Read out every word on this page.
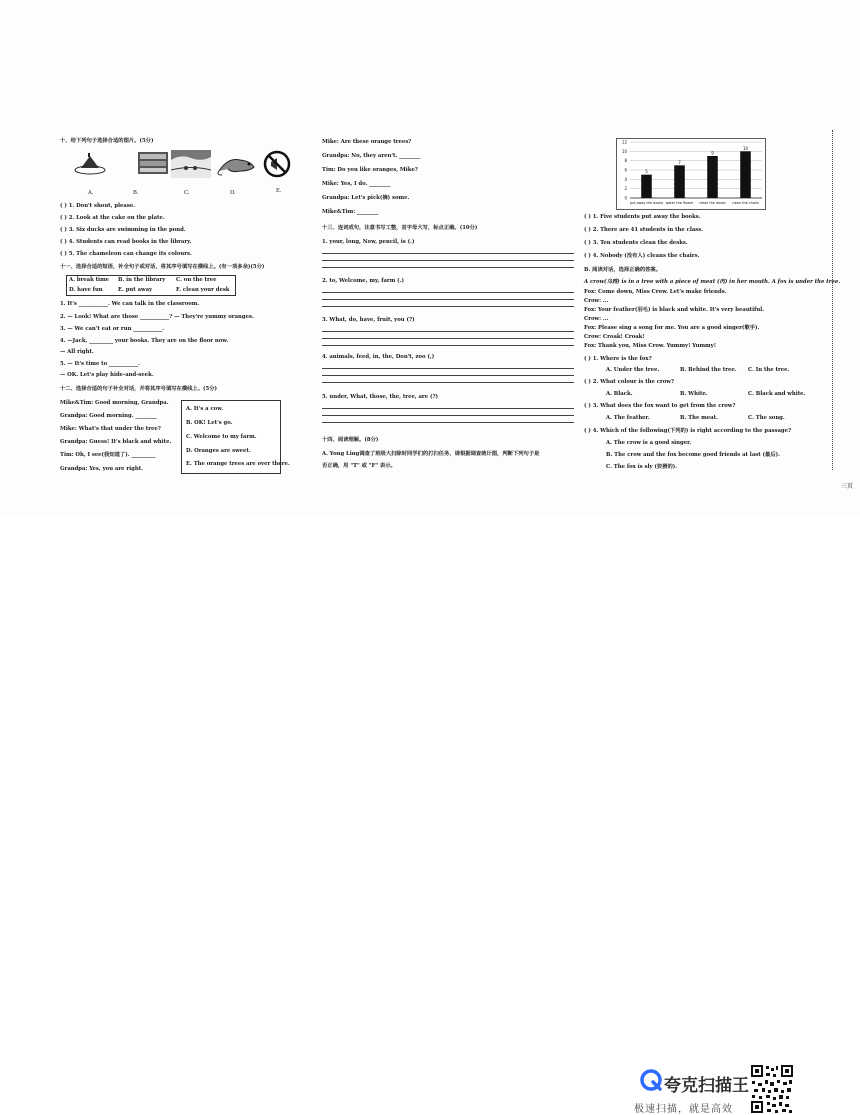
十、给下列句子选择合适的图片。(5分)
A.	B.	C.	D.	E.
( ) 1. Don't shout, please.
( ) 2. Look at the cake on the plate.
( ) 3. Six ducks are swimming in the pond.
( ) 4. Students can read books in the library.
( ) 5. The chameleon can change its colours.
十一、选择合适的短语，补全句子或对话，将其序号填写在横线上。(有一项多余)(5分)
A. break time B. in the library C. on the tree
D. have fun	E. put away	F. clean your desk
1. It's ___________. We can talk in the classroom.
2. — Look! What are those ___________? — They're yummy oranges.
3. — We can't eat or run ___________.
4. —Jack, _________ your books. They are on the floor now.
— All right.
5. — It's time to ___________.
— OK. Let's play hide-and-seek.
十二、选择合适的句子补全对话，并将其序号填写在横线上。(5分)
Mike&Tim: Good morning, Grandpa.
Grandpa: Good morning. ________
Mike: What's that under the tree?
Grandpa: Guess! It's black and white.
Tim: Oh, I see(我知道了). _________
Grandpa: Yes, you are right.
A. It's a cow.
B. OK! Let's go.
C. Welcome to my farm.
D. Oranges are sweet.
E. The orange trees are over there.
Mike: Are these orange trees?
Grandpa: No, they aren't. ________
Tim: Do you like oranges, Mike?
Mike: Yes, I do. ________
Grandpa: Let's pick(摘) some.
Mike&Tim: ________
十三、连词成句，注意书写工整，首字母大写，标点正确。(10分)
1. your, long, Now, pencil, is (.)
2. to, Welcome, my, farm (.)
3. What, do, have, fruit, you (?)
4. animals, feed, in, the, Don't, zoo (,)
5. under, What, those, the, tree, are (?)
十四、阅读理解。(8分)
A. Yong Ling调查了班级大扫除时同学们的打扫任务，请根据调查统计图，判断下列句子是
否正确，用 "T" 或 "F" 表示。
0
2
4
6
8
10
12
5
put away the books
7
water the flower
9
clean the desks
10
clean the chairs
( ) 1. Five students put away the books.
( ) 2. There are 41 students in the class.
( ) 3. Ten students clean the desks.
( ) 4. Nobody (没有人) cleans the chairs.
B. 阅读对话，选择正确的答案。
A crow(乌鸦) is in a tree with a piece of meat (肉) in her mouth. A fox is under the tree.
Fox: Come down, Miss Crow. Let's make friends.
Crow: ...
Fox: Your feather(羽毛) is black and white. It's very beautiful.
Crow: ...
Fox: Please sing a song for me. You are a good singer(歌手).
Crow: Croak! Croak!
Fox: Thank you, Miss Crow. Yummy! Yummy!
( ) 1. Where is the fox?
A. Under the tree.	B. Behind the tree. C. In the tree.
( ) 2. What colour is the crow?
A. Black.	B. White.	C. Black and white.
( ) 3. What does the fox want to get from the crow?
A. The feather.	B. The meat.	C. The song.
( ) 4. Which of the following(下列的) is right according to the passage?
A. The crow is a good singer.
B. The crow and the fox become good friends at last (最后).
C. The fox is sly (狡猾的).
三页
夸克扫描王
极速扫描，就是高效
